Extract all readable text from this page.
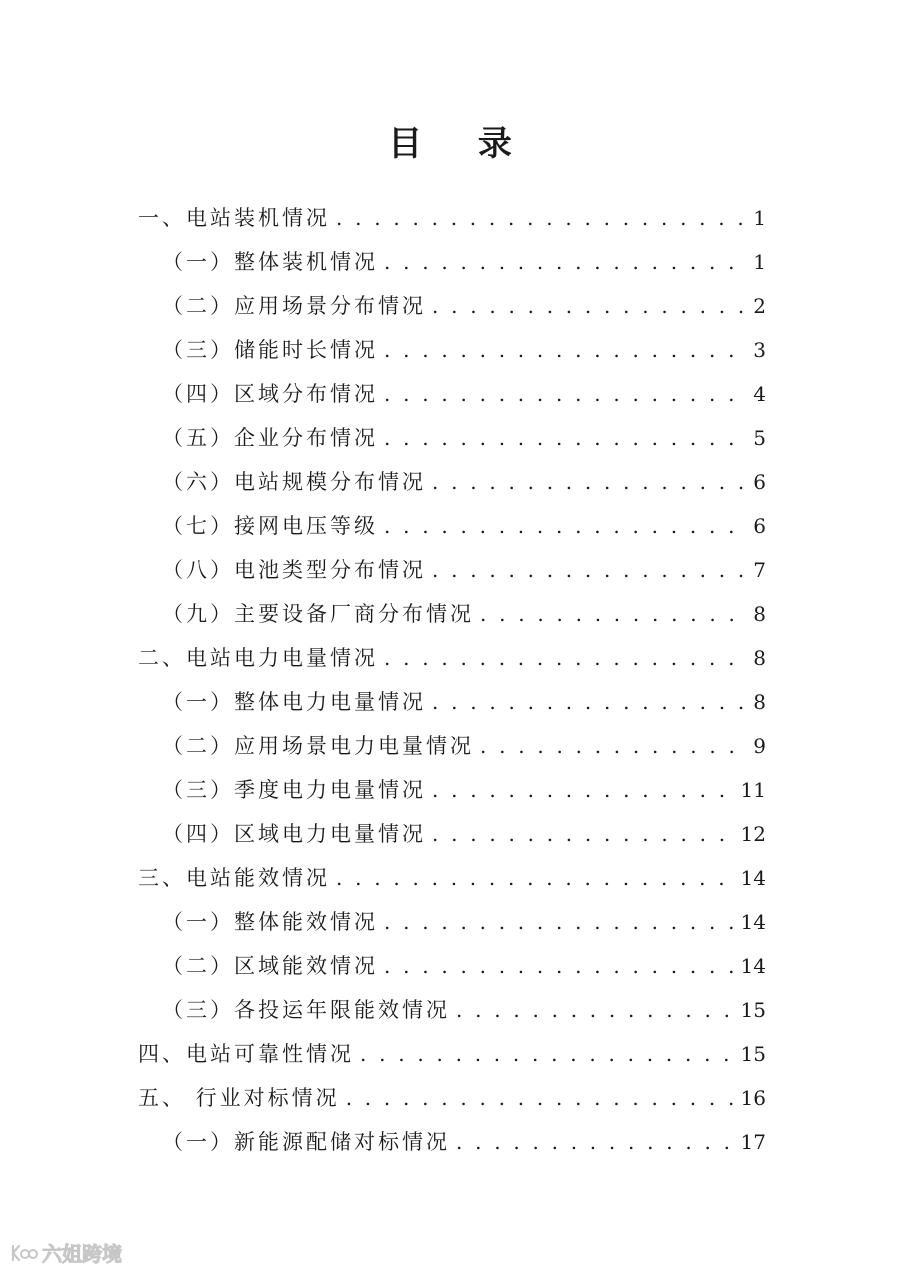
目 录
一、电站装机情况 . . .	1
（一）整体装机情况 . . .	1
（二）应用场景分布情况 . . .	2
（三）储能时长情况 . . .	3
（四）区域分布情况 . . .	4
（五）企业分布情况 . . .	5
（六）电站规模分布情况 . . .	6
（七）接网电压等级 . . .	6
（八）电池类型分布情况 . . .	7
（九）主要设备厂商分布情况 . . .	8
二、电站电力电量情况 . . .	8
（一）整体电力电量情况 . . .	8
（二）应用场景电力电量情况 . . .	9
（三）季度电力电量情况 . . .	11
（四）区域电力电量情况 . . .	12
三、电站能效情况 . . .	14
（一）整体能效情况 . . .	14
（二）区域能效情况 . . .	14
（三）各投运年限能效情况 . . .	15
四、电站可靠性情况 . . .	15
五、 行业对标情况 . . .	16
（一）新能源配储对标情况 . . .	17
六姐跨境
